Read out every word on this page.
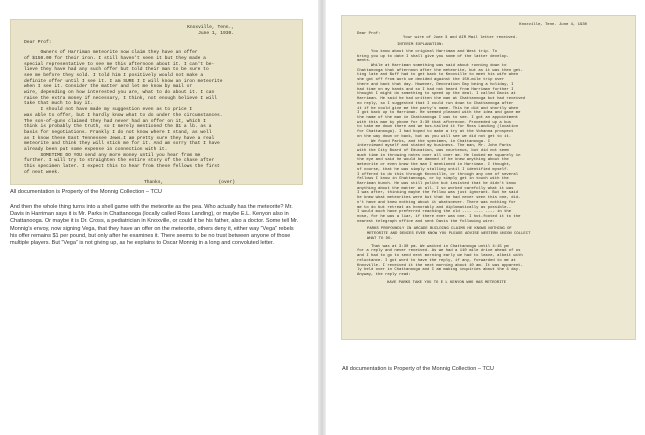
Knoxville, Tenn.,
June 1, 1930.
Dear Prof:
Owners of Harriman meteorite now claim they have an offer
of $150.00 for their iron. I still haven't seen it but they made a
special representative to see me this afternoon about it. I can't be-
lieve they have had any such offer but told their man to be sure to
see me before they sold. I told him I positively would not make a
definite offer until I see it. I am SURE I I will know an iron meteorite
when I see it. Consider the matter and let me know by mail or
wire, depending on how interested you are, what to do about it. I can
raise the extra money if necessary, I think, not enough believe I will
take that much to buy it.
I should not have made my suggestion even as to price I
was able to offer, but I hardly know what to do under the circumstances.
The son-of-guns claimed they had never had an offer on it, which I
think is probably the truth, so I merely mentioned the $1 a lb. as a
basis for negotiations. Frankly I do not know where I stand, as well
as I know these East Tennessee Jews.I am pretty sure they have a real
meteorite and think they will stick me for it. And am sorry that I have
already been put some expense in connection with it.
SOMETIME DO YOU send any more money until you hear from me
further. I will try to straighten the entire story of the chase after
this specimen later. I expect this to hear from these fellows the first
of next week.
Thanks,	(over)
All documentation is Property of the Monnig Collection – TCU
And then the whole thing turns into a shell game with the meteorite as the pea. Who actually has the meteorite? Mr. Davis in Harriman says it is Mr. Parks in Chattanooga (locally called Ross Landing), or maybe E.L. Kenyon also in Chattanooga. Or maybe it is Dr. Cross, a pediatrician in Knoxville, or could it be his father, also a doctor. Some tell Mr. Monnig’s envoy, now signing Vega, that they have an offer on the meteorite, others deny it, either way “Vega” rebels his offer remains $1 per pound, but only after he examines it. There seems to be no trust between anyone of those multiple players. But “Vega” is not giving up, as he explains to Oscar Monnig in a long and convoluted letter.
Knoxville, Tenn. June 4, 1930
Dear Prof:
Your wire of June 3 and AIR Mail letter received.
INTERIM EXPLANATION:
You know about the original Harriman and West trip. To
bring you up to date I shall give you some of the latter develop-
ments.
While at Harriman something was said about running down to
Chattanooga that afternoon after the meteorite, but as it was then get-
ting late and Buff had to get back to Knoxville to meet his wife when
she got off from work we decided against the 150-mile trip over
there and back that day. However, Decoration Day being a holiday, I
had time on my hands and so I had not heard from Harriman further I
thought I might do something to speed up the deal. I called Davis at
Harriman. He said he had written the man at Chattanooga but had received
no reply, so I suggested that I could run down to Chattanooga after
it if he could give me the party's name. This he did and shortly when
I got back up to Harriman. He seemed pleased with the idea and gave me
the name of the man in Chattanooga I was to see. I got an appointment
with this man by phone for 3:30 that afternoon. Proceeded up a bus
to take me down there and we bus-tailed it for Ross Landing (location
for Chattanooga). I had hoped to make a try at the Vohanna prospect
on the way down or back, but as you will see we did not get to it.
We found Parks, and the specimen, in Chattanooga. I
interviewed myself and stated my business. The man, Mr. John Parks
with the City Board of Education, was courteous, but did not seem
much time in throwing notes over all over me. He looked me squarely in
the eye and said he would be damned if he knew anything about the
meteorite or even knew the man I mentioned in Harriman. I thought,
of course, that he was simply stalling until I identified myself.
I offered to do this through Knoxville, or through any one of several
fellows I know in Chattanooga, or by simply get in touch with the
Harriman bunch. He was still polite but insisted that he didn't know
anything about the matter at all. I so worked carefully what it was
I was after, thinking maybe the fellow was just ignorant. But he said
he knew what meteorites were but that he had never seen this one, did-
n't have and knew nothing about it whatsoever. There was nothing for
me to do but retreat as honorably and diplomatically as possible--
I would much have preferred reaching the old ---- ---- ---- in the
nose, for he was a liar, if there ever was one. I hot-footed it to the
nearest telegraph office and sent Davis the following wire:
PARKS PROFOUNDLY IN ARCADE BUILDING CLAIMS HE KNOWS NOTHING OF
METEORITE AND DENIES EVER KNOW YOU PLEASE ADVISE WESTERN UNION COLLECT
WHAT TO DO.
That was at 3:30 pm. We waited in Chattanooga until 4:15 pm
for a reply and never received. As we had a 110 mile drive ahead of us
and I had to go to send next morning early we had to leave, albeit with
reluctance. I got word to have the reply, if any, forwarded to me at
Knoxville. I received it the next morning about 10 am. It was apparent-
ly held over in Chattanooga and I am making inquiries about the 4 day.
Anyway, the reply read:
HAVE PARKS TAKE YOU TO E L KENYON WHO HAS METEORITE
All documentation is Property of the Monnig Collection – TCU
